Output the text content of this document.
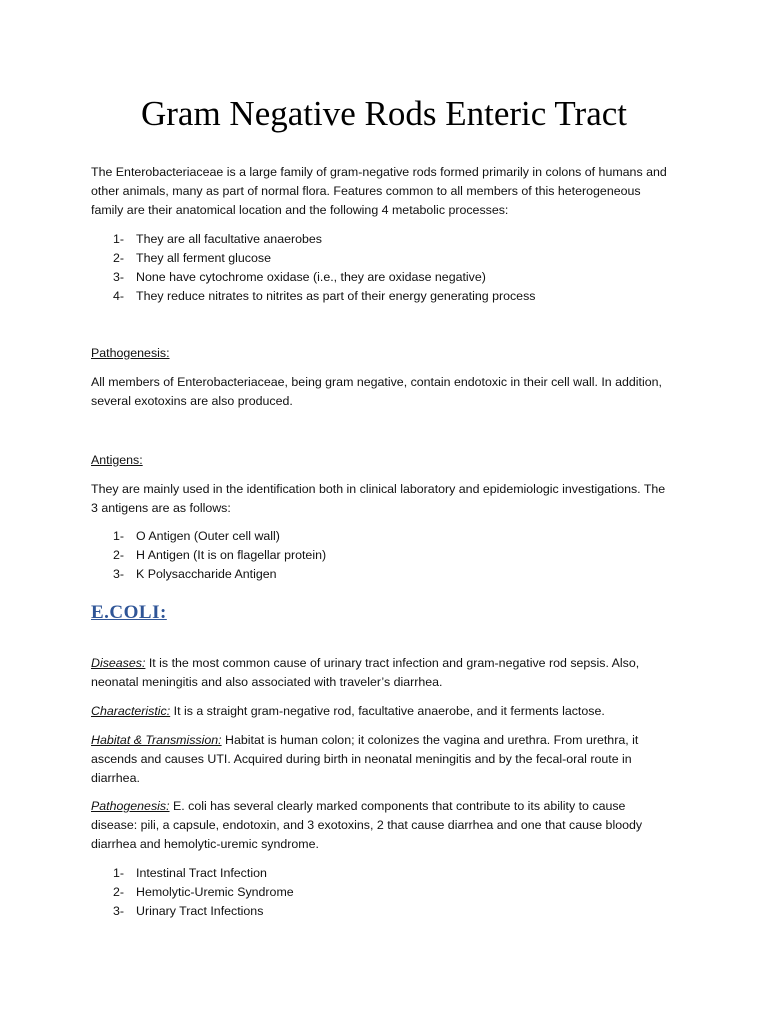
Gram Negative Rods Enteric Tract

The Enterobacteriaceae is a large family of gram-negative rods formed primarily in colons of humans and other animals, many as part of normal flora. Features common to all members of this heterogeneous family are their anatomical location and the following 4 metabolic processes:

1- They are all facultative anaerobes
2- They all ferment glucose
3- None have cytochrome oxidase (i.e., they are oxidase negative)
4- They reduce nitrates to nitrites as part of their energy generating process

Pathogenesis:

All members of Enterobacteriaceae, being gram negative, contain endotoxic in their cell wall. In addition, several exotoxins are also produced.

Antigens:

They are mainly used in the identification both in clinical laboratory and epidemiologic investigations. The 3 antigens are as follows:

1- O Antigen (Outer cell wall)
2- H Antigen (It is on flagellar protein)
3- K Polysaccharide Antigen
E.COLI:

Diseases: It is the most common cause of urinary tract infection and gram-negative rod sepsis. Also, neonatal meningitis and also associated with traveler’s diarrhea.

Characteristic: It is a straight gram-negative rod, facultative anaerobe, and it ferments lactose.

Habitat & Transmission: Habitat is human colon; it colonizes the vagina and urethra. From urethra, it ascends and causes UTI. Acquired during birth in neonatal meningitis and by the fecal-oral route in diarrhea.

Pathogenesis: E. coli has several clearly marked components that contribute to its ability to cause disease: pili, a capsule, endotoxin, and 3 exotoxins, 2 that cause diarrhea and one that cause bloody diarrhea and hemolytic-uremic syndrome.

1- Intestinal Tract Infection
2- Hemolytic-Uremic Syndrome
3- Urinary Tract Infections
